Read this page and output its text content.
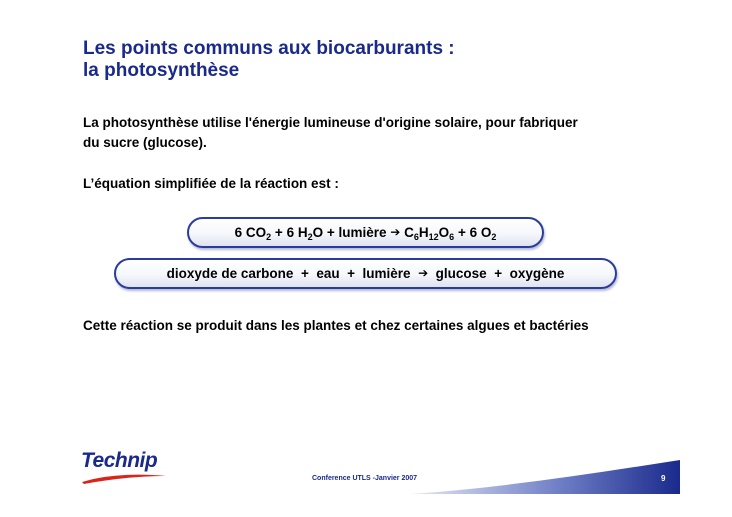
Les points communs aux biocarburants :
la photosynthèse

La photosynthèse utilise l'énergie lumineuse d'origine solaire, pour fabriquer
du sucre (glucose).

L’équation simplifiée de la réaction est :

6 $CO_2 + 6$ $H_2O$ + lumière ➔ $C_6H_{12}O_6 + 6$ $O_2$
dioxyde de carbone + eau + lumière ➔ glucose + oxygène

Cette réaction se produit dans les plantes et chez certaines algues et bactéries

Technip
Conference UTLS -Janvier 2007	9
